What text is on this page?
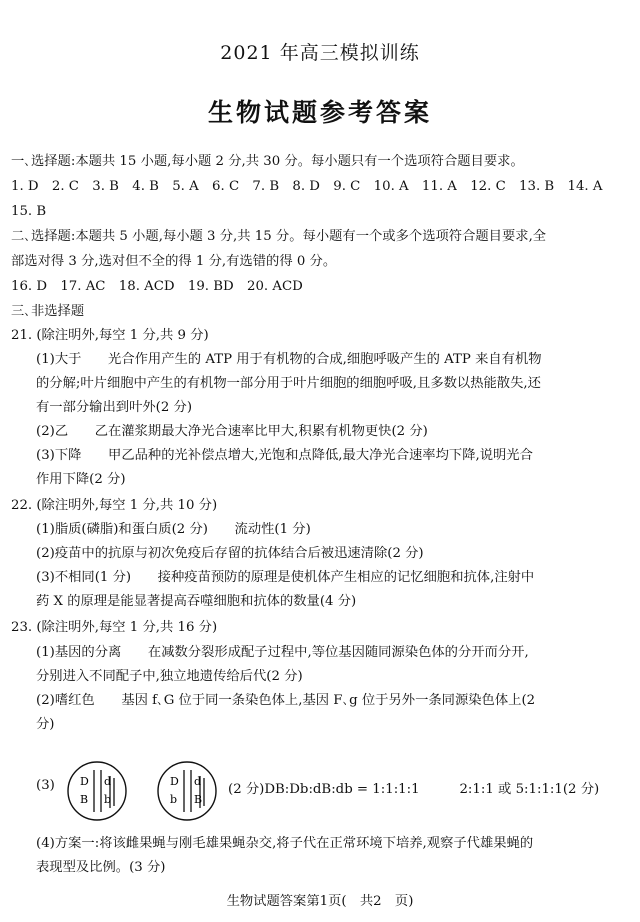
2021 年高三模拟训练
生物试题参考答案
一､选择题:本题共 15 小题,每小题 2 分,共 30 分。每小题只有一个选项符合题目要求。
1. D　2. C　3. B　4. B　5. A　6. C　7. B　8. D　9. C　10. A　11. A　12. C　13. B　14. A
15. B
二､选择题:本题共 5 小题,每小题 3 分,共 15 分。每小题有一个或多个选项符合题目要求,全
部选对得 3 分,选对但不全的得 1 分,有选错的得 0 分。
16. D　17. AC　18. ACD　19. BD　20. ACD
三､非选择题
21. (除注明外,每空 1 分,共 9 分)
(1)大于　　光合作用产生的 ATP 用于有机物的合成,细胞呼吸产生的 ATP 来自有机物
的分解;叶片细胞中产生的有机物一部分用于叶片细胞的细胞呼吸,且多数以热能散失,还
有一部分输出到叶外(2 分)
(2)乙　　乙在灌浆期最大净光合速率比甲大,积累有机物更快(2 分)
(3)下降　　甲乙品种的光补偿点增大,光饱和点降低,最大净光合速率均下降,说明光合
作用下降(2 分)
22. (除注明外,每空 1 分,共 10 分)
(1)脂质(磷脂)和蛋白质(2 分)　　流动性(1 分)
(2)疫苗中的抗原与初次免疫后存留的抗体结合后被迅速清除(2 分)
(3)不相同(1 分)　　接种疫苗预防的原理是使机体产生相应的记忆细胞和抗体,注射中
药 X 的原理是能显著提高吞噬细胞和抗体的数量(4 分)
23. (除注明外,每空 1 分,共 16 分)
(1)基因的分离　　在减数分裂形成配子过程中,等位基因随同源染色体的分开而分开,
分别进入不同配子中,独立地遗传给后代(2 分)
(2)嗜红色　　基因 f､G 位于同一条染色体上,基因 F､g 位于另外一条同源染色体上(2
分)
(3) D d
B b
D d
b B
(2 分)DB:Db:dB:db = 1:1:1:1　　　2:1:1 或 5:1:1:1(2 分)
(4)方案一:将该雌果蝇与刚毛雄果蝇杂交,将子代在正常环境下培养,观察子代雄果蝇的
表现型及比例。(3 分)
生物试题答案第1页(　共2　页)
